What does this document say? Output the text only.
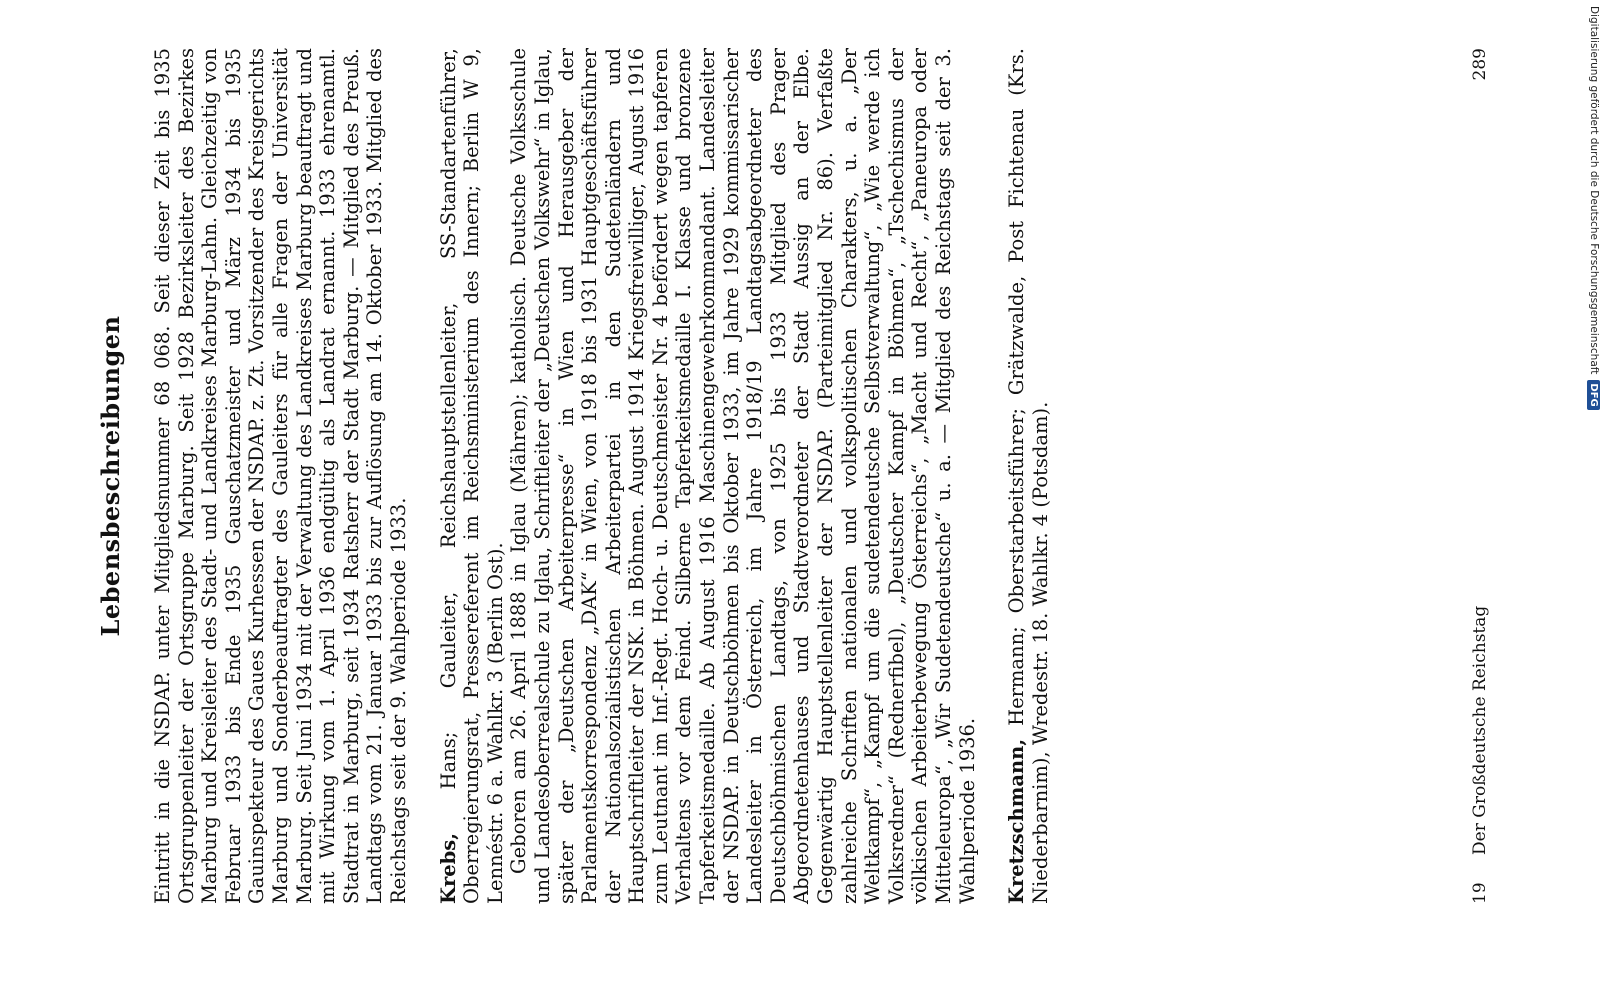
Lebensbeschreibungen Eintritt in die NSDAP. unter Mitgliedsnummer 68 068. Seit dieser Zeit bis 1935 Ortsgruppenleiter der Ortsgruppe Marburg. Seit 1928 Bezirksleiter des Bezirkes Marburg und Kreisleiter des Stadt- und Landkreises Marburg-Lahn. Gleichzeitig von Februar 1933 bis Ende 1935 Gauschatzmeister und März 1934 bis 1935 Gauinspekteur des Gaues Kurhessen der NSDAP. z. Zt. Vorsitzender des Kreisgerichts Marburg und Sonderbeauftragter des Gauleiters für alle Fragen der Universität Marburg. Seit Juni 1934 mit der Verwaltung des Landkreises Marburg beauftragt und mit Wirkung vom 1. April 1936 endgültig als Landrat ernannt. 1933 ehrenamtl. Stadtrat in Marburg, seit 1934 Ratsherr der Stadt Marburg. — Mitglied des Preuß. Landtags vom 21. Januar 1933 bis zur Auflösung am 14. Oktober 1933. Mitglied des Reichstags seit der 9. Wahlperiode 1933. Krebs, Hans; Gauleiter, Reichshauptstellenleiter, SS-Standartenführer, Oberregierungsrat, Pressereferent im Reichsministerium des Innern; Berlin W 9, Lennéstr. 6 a. Wahlkr. 3 (Berlin Ost). Geboren am 26. April 1888 in Iglau (Mähren); katholisch. Deutsche Volksschule und Landesoberrealschule zu Iglau, Schriftleiter der „Deutschen Volkswehr“ in Iglau, später der „Deutschen Arbeiterpresse“ in Wien und Herausgeber der Parlamentskorrespondenz „DAK“ in Wien, von 1918 bis 1931 Hauptgeschäftsführer der Nationalsozialistischen Arbeiterpartei in den Sudetenländern und Hauptschriftleiter der NSK. in Böhmen. August 1914 Kriegsfreiwilliger, August 1916 zum Leutnant im Inf.-Regt. Hoch- u. Deutschmeister Nr. 4 befördert wegen tapferen Verhaltens vor dem Feind. Silberne Tapferkeitsmedaille I. Klasse und bronzene Tapferkeitsmedaille. Ab August 1916 Maschinengewehrkommandant. Landesleiter der NSDAP. in Deutschböhmen bis Oktober 1933, im Jahre 1929 kommissarischer Landesleiter in Österreich, im Jahre 1918/19 Landtagsabgeordneter des Deutschböhmischen Landtags, von 1925 bis 1933 Mitglied des Prager Abgeordnetenhauses und Stadtverordneter der Stadt Aussig an der Elbe. Gegenwärtig Hauptstellenleiter der NSDAP. (Parteimitglied Nr. 86). Verfaßte zahlreiche Schriften nationalen und volkspolitischen Charakters, u. a. „Der Weltkampf“, „Kampf um die sudetendeutsche Selbstverwaltung“, „Wie werde ich Volksredner“ (Rednerfibel), „Deutscher Kampf in Böhmen“, „Tschechismus der völkischen Arbeiterbewegung Österreichs“, „Macht und Recht“, „Paneuropa oder Mitteleuropa“, „Wir Sudetendeutsche“ u. a. — Mitglied des Reichstags seit der 3. Wahlperiode 1936. Kretzschmann, Hermann; Oberstarbeitsführer; Grätzwalde, Post Fichtenau (Krs. Niederbarnim), Wredestr. 18. Wahlkr. 4 (Potsdam).	19 Der Großdeutsche Reichstag
289	Digitalisierung gefördert durch die Deutsche Forschungsgemeinschaft
DFG
